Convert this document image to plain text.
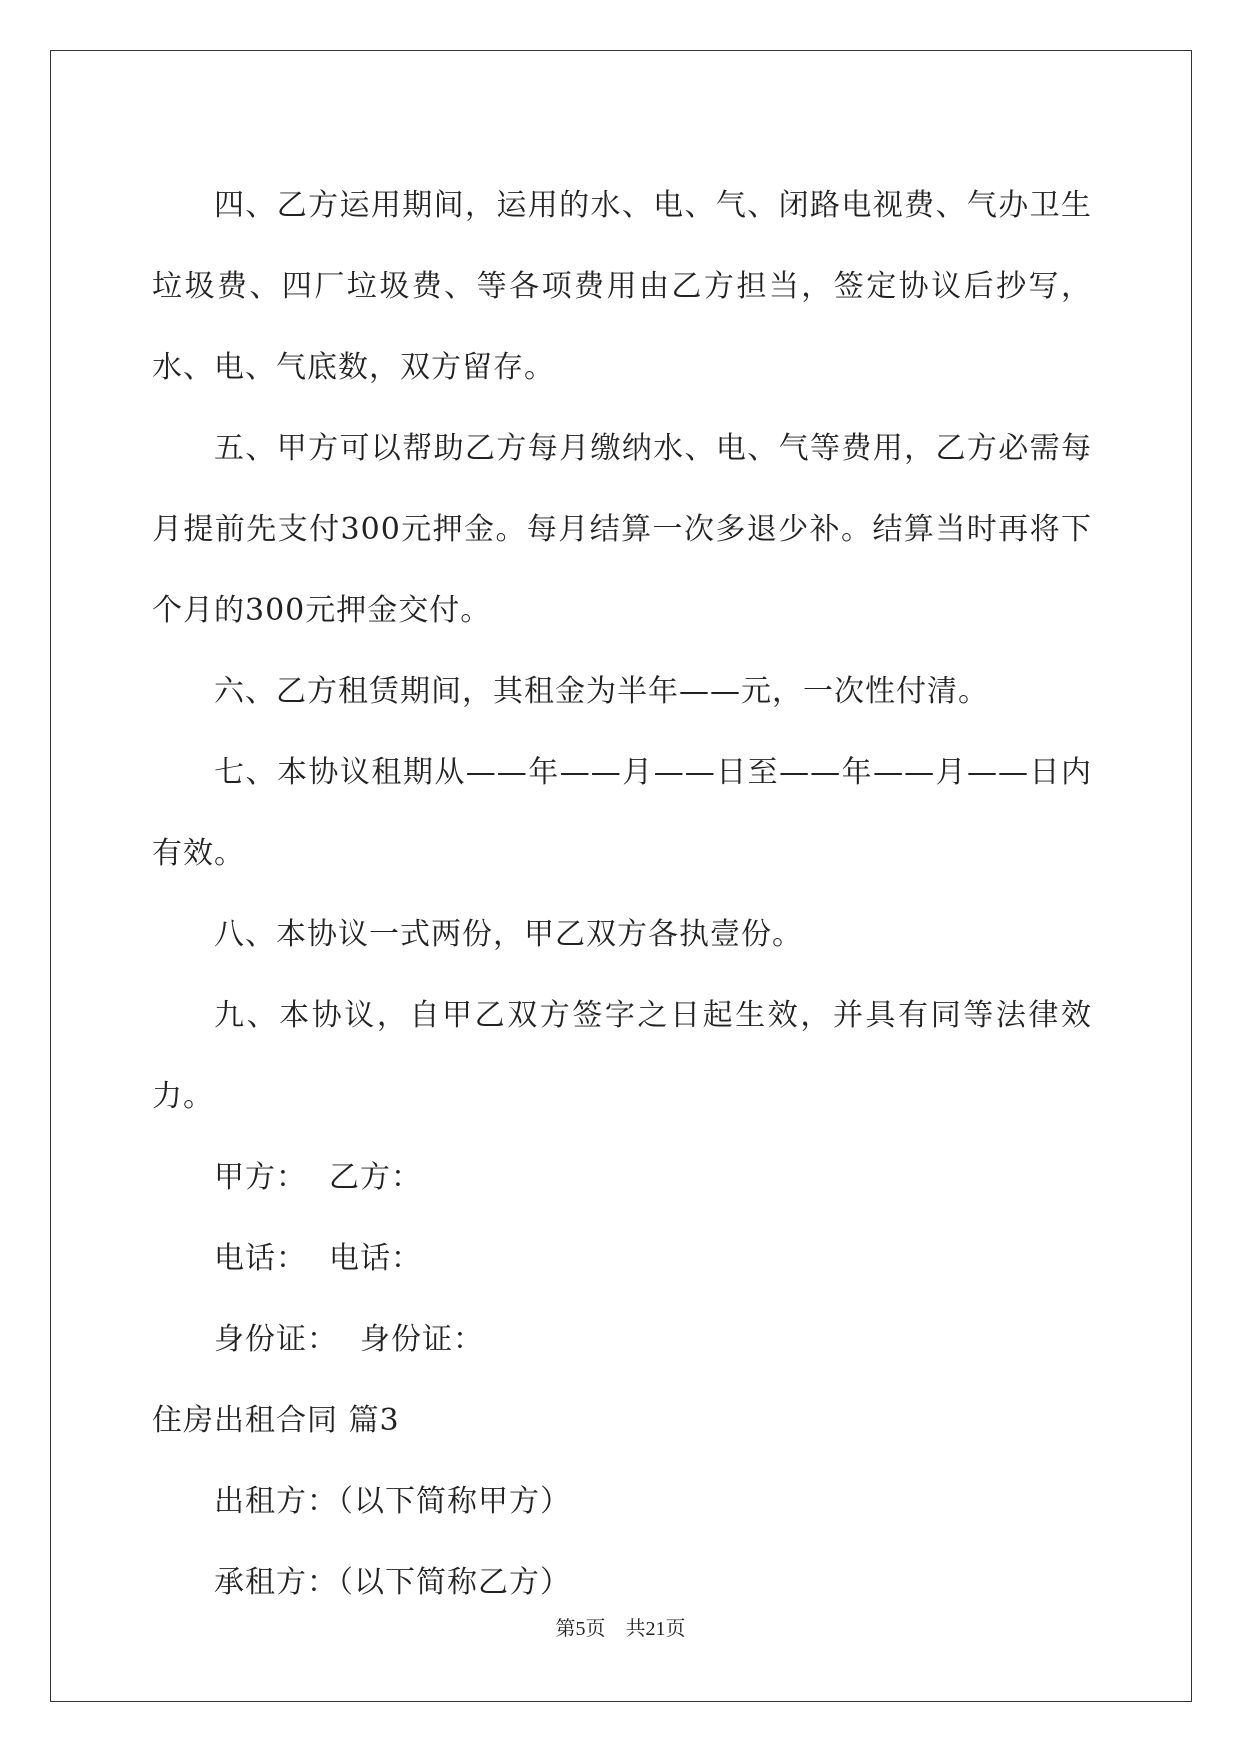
四、乙方运用期间，运用的水、电、气、闭路电视费、气办卫生垃圾费、四厂垃圾费、等各项费用由乙方担当，签定协议后抄写，水、电、气底数，双方留存。

五、甲方可以帮助乙方每月缴纳水、电、气等费用，乙方必需每月提前先支付300元押金。每月结算一次多退少补。结算当时再将下个月的300元押金交付。

六、乙方租赁期间，其租金为半年——元，一次性付清。

七、本协议租期从——年——月——日至——年——月——日内有效。

八、本协议一式两份，甲乙双方各执壹份。

九、本协议，自甲乙双方签字之日起生效，并具有同等法律效力。

甲方： 乙方：
电话： 电话：
身份证： 身份证：
住房出租合同 篇3
出租方：（以下简称甲方）
承租方：（以下简称乙方）
第5页 共21页
